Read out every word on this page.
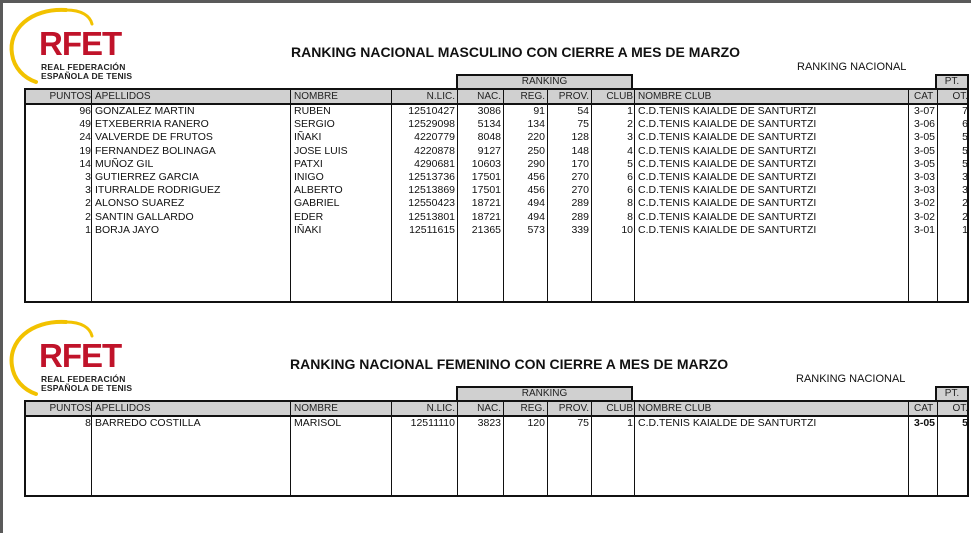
RFET
REAL FEDERACIÓN
ESPAÑOLA DE TENIS
RANKING NACIONAL MASCULINO CON CIERRE A MES DE MARZO
RANKING NACIONAL
RANKING	PT.
PUNTOS APELLIDOS	NOMBRE	N.LIC.	NAC.	REG.	PROV.	CLUB NOMBRE CLUB	CAT	OT.
96 GONZALEZ MARTIN	RUBEN	12510427	3086	91	54	1 C.D.TENIS KAIALDE DE SANTURTZI	3-07	7
49 ETXEBERRIA RANERO	SERGIO	12529098	5134	134	75	2 C.D.TENIS KAIALDE DE SANTURTZI	3-06	6
24 VALVERDE DE FRUTOS	IÑAKI	4220779	8048	220	128	3 C.D.TENIS KAIALDE DE SANTURTZI	3-05	5
19 FERNANDEZ BOLINAGA	JOSE LUIS	4220878	9127	250	148	4 C.D.TENIS KAIALDE DE SANTURTZI	3-05	5
14 MUÑOZ GIL	PATXI	4290681	10603	290	170	5 C.D.TENIS KAIALDE DE SANTURTZI	3-05	5
3 GUTIERREZ GARCIA	INIGO	12513736	17501	456	270	6 C.D.TENIS KAIALDE DE SANTURTZI	3-03	3
3 ITURRALDE RODRIGUEZ	ALBERTO	12513869	17501	456	270	6 C.D.TENIS KAIALDE DE SANTURTZI	3-03	3
2 ALONSO SUAREZ	GABRIEL	12550423	18721	494	289	8 C.D.TENIS KAIALDE DE SANTURTZI	3-02	2
2 SANTIN GALLARDO	EDER	12513801	18721	494	289	8 C.D.TENIS KAIALDE DE SANTURTZI	3-02	2
1 BORJA JAYO	IÑAKI	12511615	21365	573	339	10 C.D.TENIS KAIALDE DE SANTURTZI	3-01	1
RFET
REAL FEDERACIÓN
ESPAÑOLA DE TENIS
RANKING NACIONAL FEMENINO CON CIERRE A MES DE MARZO
RANKING NACIONAL
RANKING	PT.
PUNTOS APELLIDOS	NOMBRE	N.LIC.	NAC.	REG.	PROV.	CLUB NOMBRE CLUB	CAT	OT.
8 BARREDO COSTILLA	MARISOL	12511110	3823	120	75	1 C.D.TENIS KAIALDE DE SANTURTZI	3-05	5
